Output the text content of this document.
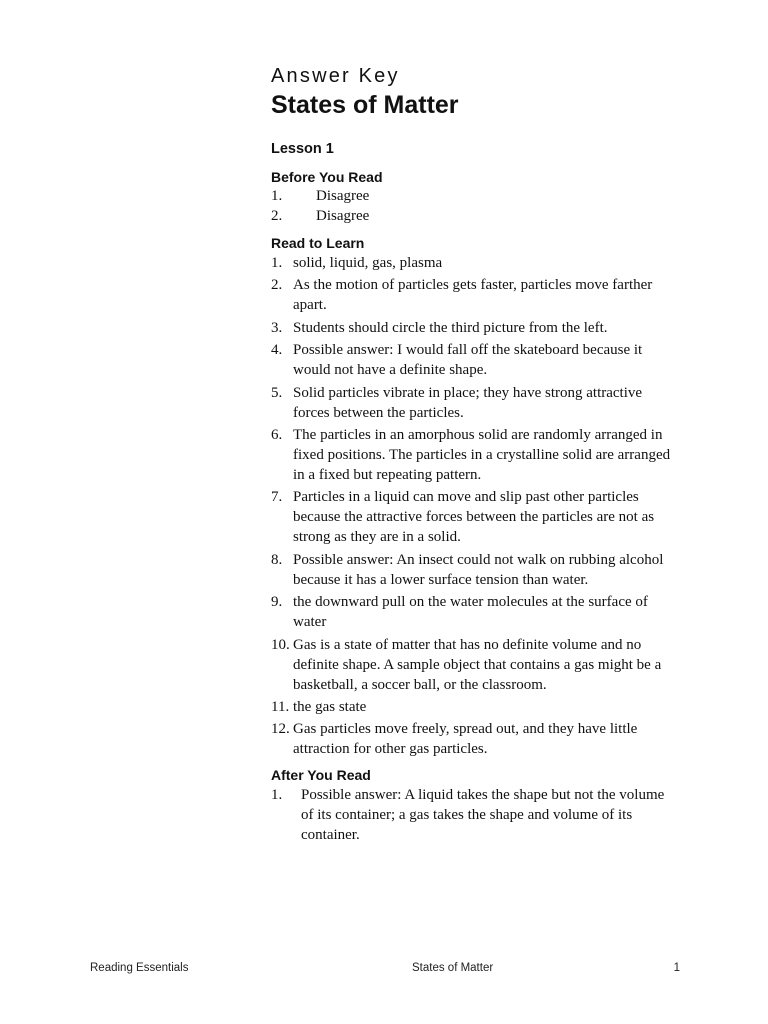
Answer Key
States of Matter
Lesson 1
Before You Read
1.	Disagree
2.	Disagree
Read to Learn
1. solid, liquid, gas, plasma
2. As the motion of particles gets faster, particles move farther apart.
3. Students should circle the third picture from the left.
4. Possible answer: I would fall off the skateboard because it would not have a definite shape.
5. Solid particles vibrate in place; they have strong attractive forces between the particles.
6. The particles in an amorphous solid are randomly arranged in fixed positions. The particles in a crystalline solid are arranged in a fixed but repeating pattern.
7. Particles in a liquid can move and slip past other particles because the attractive forces between the particles are not as strong as they are in a solid.
8. Possible answer: An insect could not walk on rubbing alcohol because it has a lower surface tension than water.
9. the downward pull on the water molecules at the surface of water
10. Gas is a state of matter that has no definite volume and no definite shape. A sample object that contains a gas might be a basketball, a soccer ball, or the classroom.
11. the gas state
12. Gas particles move freely, spread out, and they have little attraction for other gas particles.
After You Read
1.	Possible answer: A liquid takes the shape but not the volume of its container; a gas takes the shape and volume of its container.
Reading Essentials	States of Matter	1
